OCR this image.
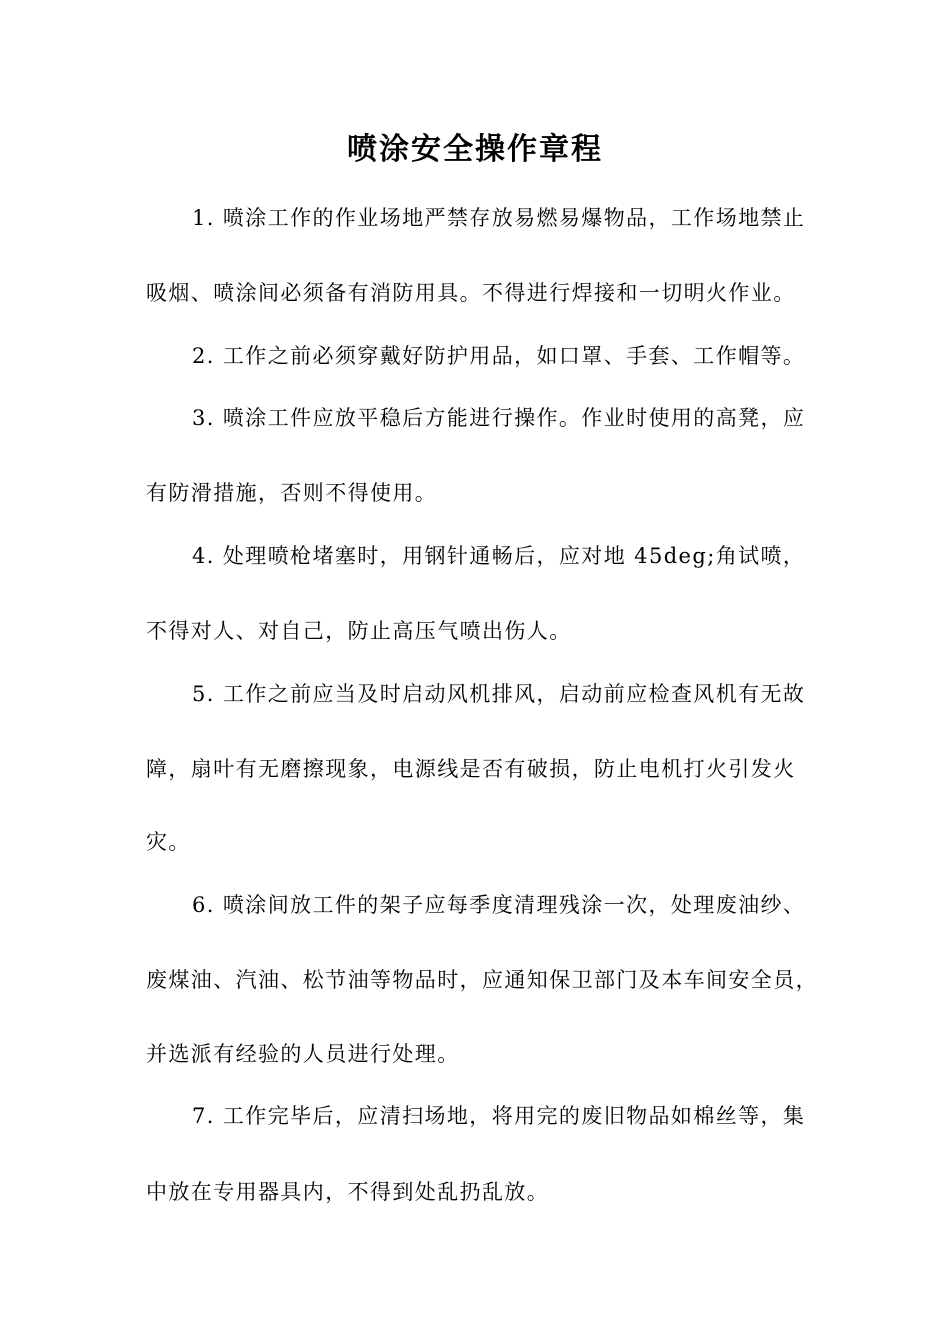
喷涂安全操作章程
1. 喷涂工作的作业场地严禁存放易燃易爆物品，工作场地禁止
吸烟、喷涂间必须备有消防用具。不得进行焊接和一切明火作业。
2. 工作之前必须穿戴好防护用品，如口罩、手套、工作帽等。
3. 喷涂工件应放平稳后方能进行操作。作业时使用的高凳，应
有防滑措施，否则不得使用。
4. 处理喷枪堵塞时，用钢针通畅后，应对地 45deg;角试喷，
不得对人、对自己，防止高压气喷出伤人。
5. 工作之前应当及时启动风机排风，启动前应检查风机有无故
障，扇叶有无磨擦现象，电源线是否有破损，防止电机打火引发火
灾。
6. 喷涂间放工件的架子应每季度清理残涂一次，处理废油纱、
废煤油、汽油、松节油等物品时，应通知保卫部门及本车间安全员，
并选派有经验的人员进行处理。
7. 工作完毕后，应清扫场地，将用完的废旧物品如棉丝等，集
中放在专用器具内，不得到处乱扔乱放。
